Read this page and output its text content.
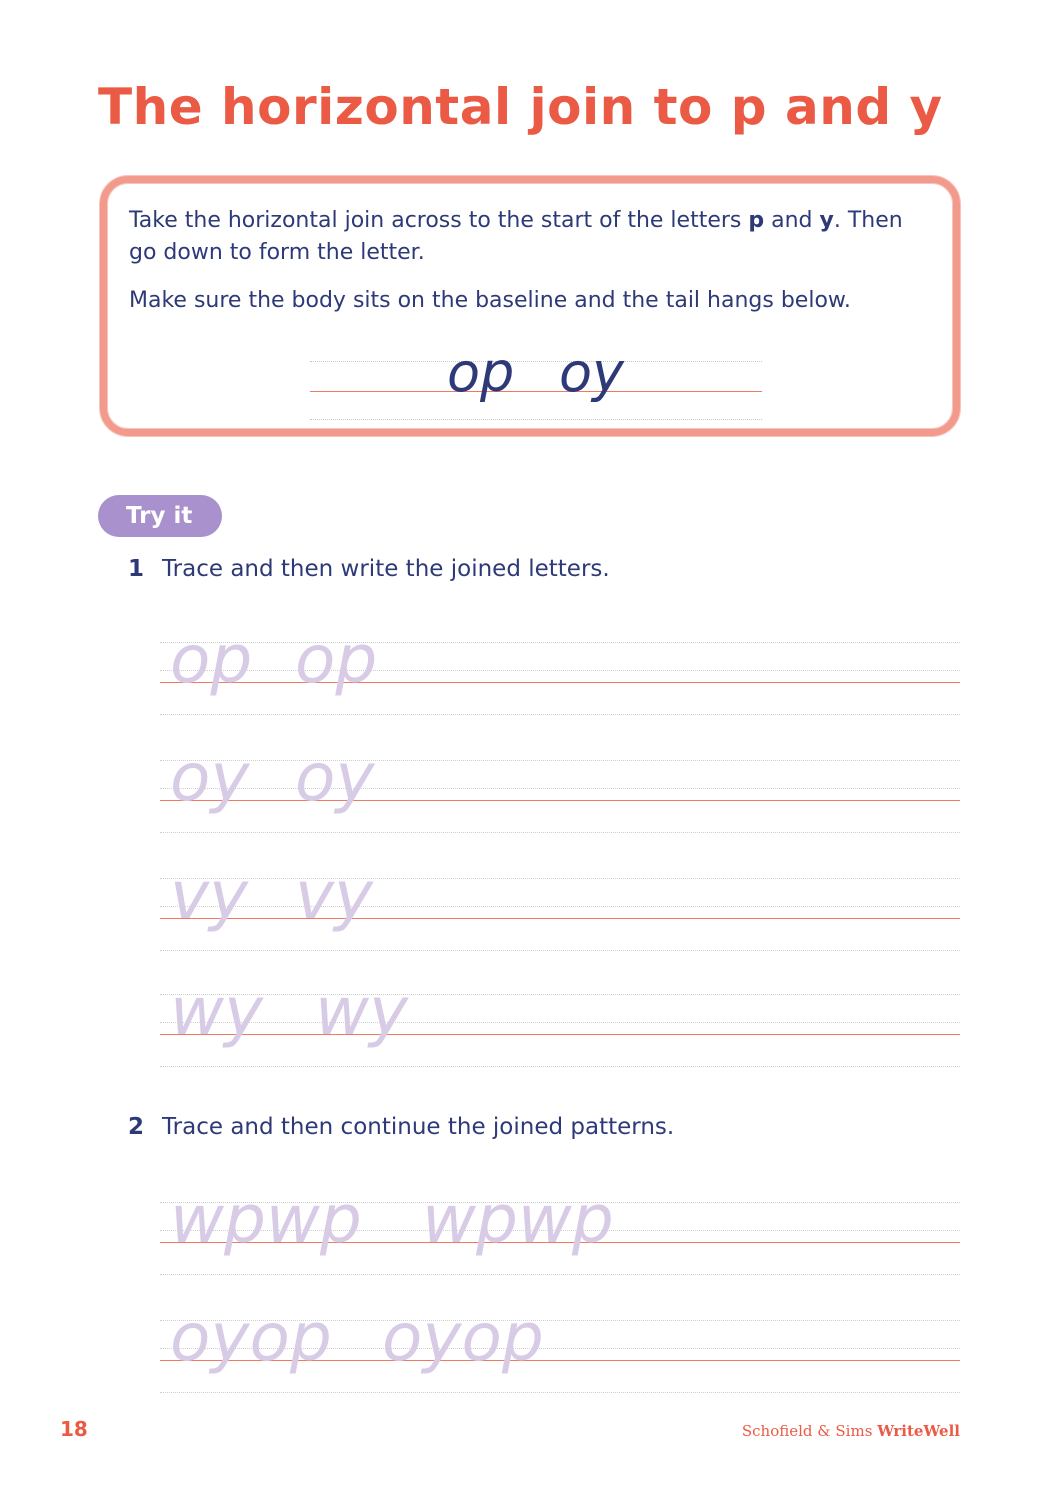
The horizontal join to p and y
Take the horizontal join across to the start of the letters p and y. Then go down to form the letter.
Make sure the body sits on the baseline and the tail hangs below.
op oy
Try it
1 Trace and then write the joined letters.
op op
oy oy
vy vy
wy wy
2 Trace and then continue the joined patterns.
wpwp wpwp
oyop oyop
18	Schofield & Sims WriteWell
